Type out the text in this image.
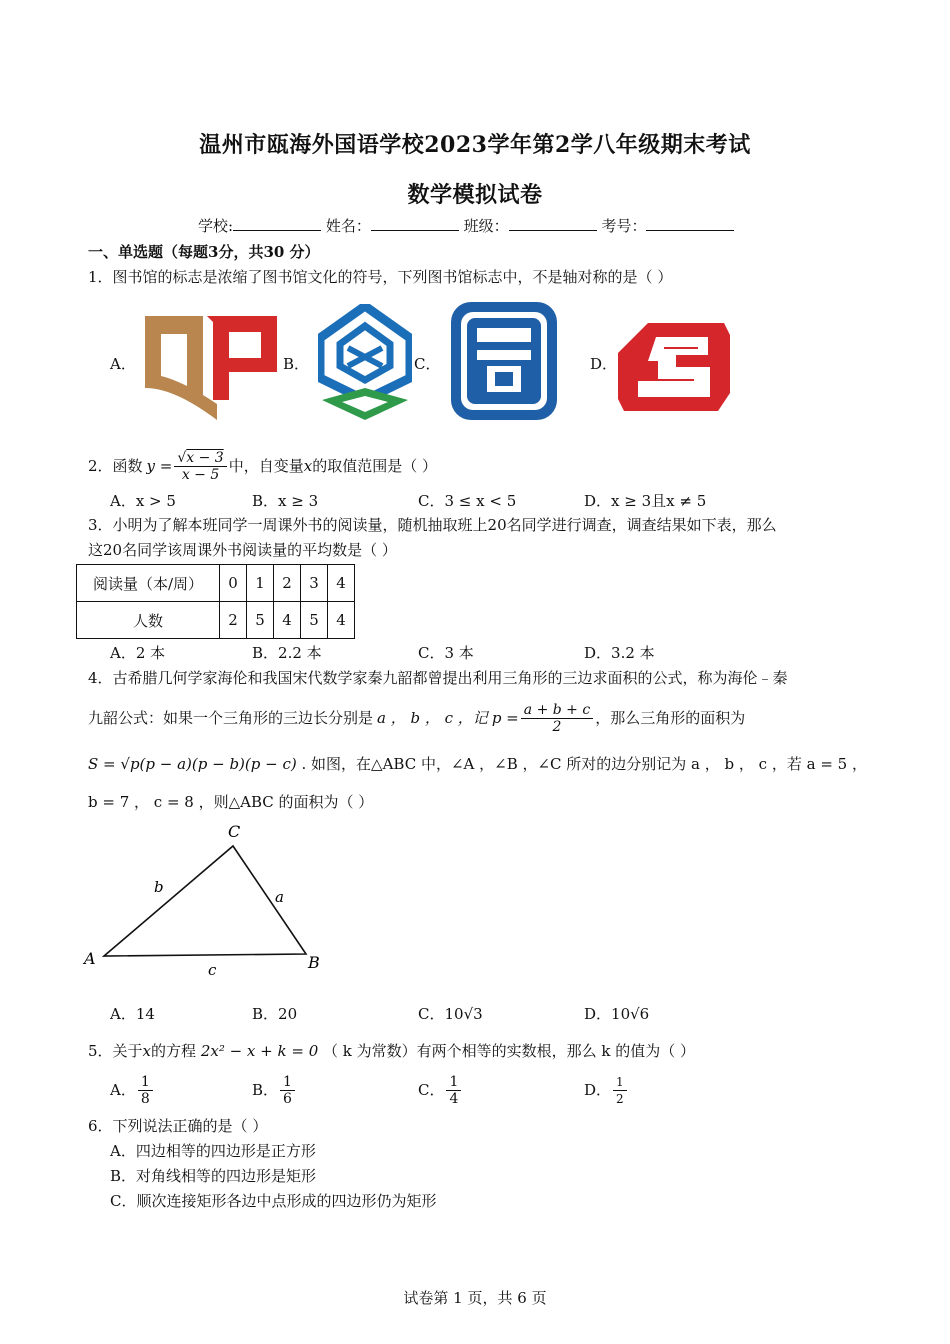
温州市瓯海外国语学校2023学年第2学八年级期末考试
数学模拟试卷
学校:	姓名：	班级：	考号：
一、单选题（每题3分，共30 分）
1．图书馆的标志是浓缩了图书馆文化的符号，下列图书馆标志中，不是轴对称的是（ ）
A．	B．	C．	D．
2．函数 $y = \frac{√x - 3}{x - 5}$ 中，自变量 x 的取值范围是（ ）
A．x > 5	B．x ≥ 3	C．3 ≤ x < 5	D．x ≥ 3且x ≠ 5
3．小明为了解本班同学一周课外书的阅读量，随机抽取班上20名同学进行调查，调查结果如下表，那么
这20名同学该周课外书阅读量的平均数是（ ）
阅读量（本/周）	0	1	2	3	4
人数	2	5	4	5	4
A．2 本	B．2.2 本	C．3 本	D．3.2 本
4．古希腊几何学家海伦和我国宋代数学家秦九韶都曾提出利用三角形的三边求面积的公式，称为海伦﹣秦
九韶公式：如果一个三角形的三边长分别是 a ， b ， c ，记 $p = \frac{a + b + c}{2}$ ，那么三角形的面积为
S = √p(p − a)(p − b)(p − c) . 如图，在△ABC 中，∠A ，∠B ，∠C 所对的边分别记为 a ， b ， c ，若 a = 5 ，
b = 7 ， c = 8 ，则△ABC 的面积为（ ）
A	B
C
a
b
c
A．14	B．20	C．10√3	D．10√6
5．关于x的方程 2x² − x + k = 0 （ k 为常数）有两个相等的实数根，那么 k 的值为（ ）
A． $\frac{1}{8}$	B． $\frac{1}{6}$	C． $\frac{1}{4}$	D． $\frac{1}{2}$
6．下列说法正确的是（ ）
A．四边相等的四边形是正方形
B．对角线相等的四边形是矩形
C．顺次连接矩形各边中点形成的四边形仍为矩形
试卷第 1 页，共 6 页
